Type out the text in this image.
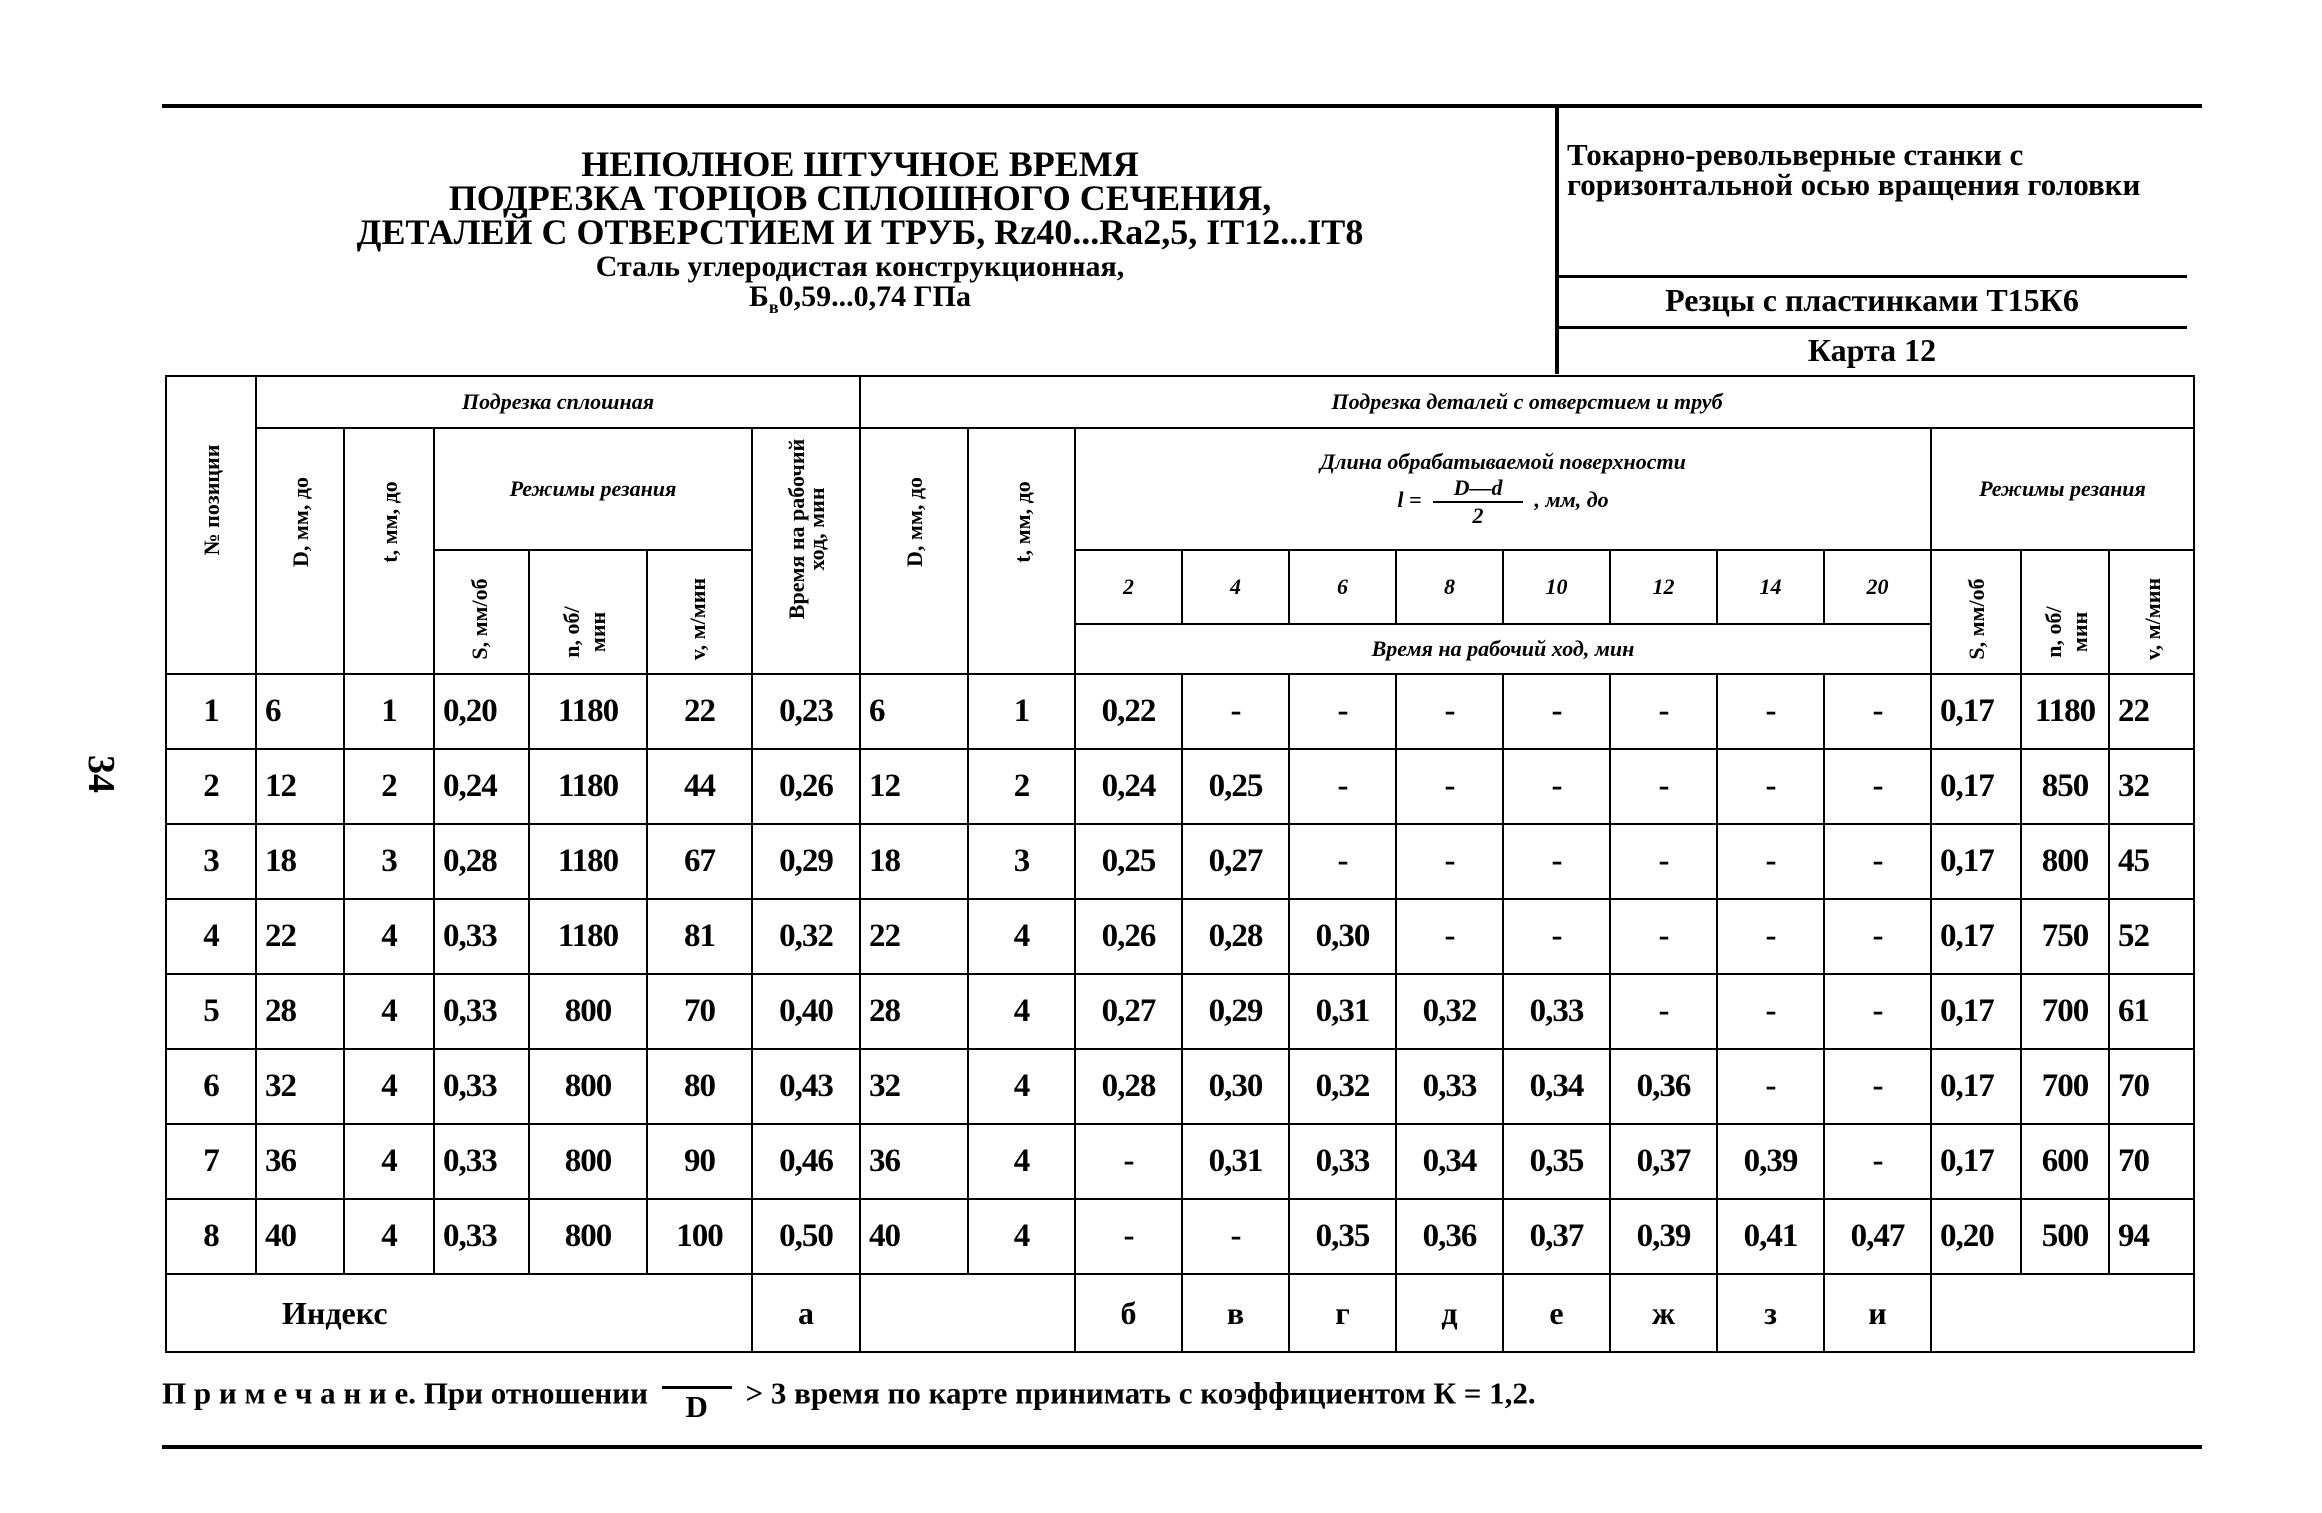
34
НЕПОЛНОЕ ШТУЧНОЕ ВРЕМЯ
ПОДРЕЗКА ТОРЦОВ СПЛОШНОГО СЕЧЕНИЯ,
ДЕТАЛЕЙ С ОТВЕРСТИЕМ И ТРУБ, Rz40...Ra2,5, IT12...IT8
Сталь углеродистая конструкционная,
$Б_в0,59...0,74$ ГПа
Токарно-револьверные станки с горизонтальной осью вращения головки
Резцы с пластинками Т15К6
Карта 12
№ позиции	Подрезка сплошная						Подрезка деталей с отверстием и труб												

	D, мм, до	t, мм, до	Режимы резания			Время на рабочий ход, мин	D, мм, до	t, мм, до	Длина обрабатываемой поверхности
$l = \frac{D—d}{2}$ , мм, до								Режимы резания		

			S, мм/об	n, об/мин	v, м/мин				2	4	6	8	10	12	14	20	S, мм/об	n, об/мин	v, м/мин

									Время на рабочий ход, мин										
1	6	1	0,20	1180	22	0,23	6	1	0,22	-	-	-	-	-	-	-	0,17	1180	22
2	12	2	0,24	1180	44	0,26	12	2	0,24	0,25	-	-	-	-	-	-	0,17	850	32
3	18	3	0,28	1180	67	0,29	18	3	0,25	0,27	-	-	-	-	-	-	0,17	800	45
4	22	4	0,33	1180	81	0,32	22	4	0,26	0,28	0,30	-	-	-	-	-	0,17	750	52
5	28	4	0,33	800	70	0,40	28	4	0,27	0,29	0,31	0,32	0,33	-	-	-	0,17	700	61
6	32	4	0,33	800	80	0,43	32	4	0,28	0,30	0,32	0,33	0,34	0,36	-	-	0,17	700	70
7	36	4	0,33	800	90	0,46	36	4	-	0,31	0,33	0,34	0,35	0,37	0,39	-	0,17	600	70
8	40	4	0,33	800	100	0,50	40	4	-	-	0,35	0,36	0,37	0,39	0,41	0,47	0,20	500	94
Индекс						а			б	в	г	д	е	ж	з	и			
П р и м е ч а н и е. При отношении	D	> 3 время по карте принимать с коэффициентом К = 1,2.
